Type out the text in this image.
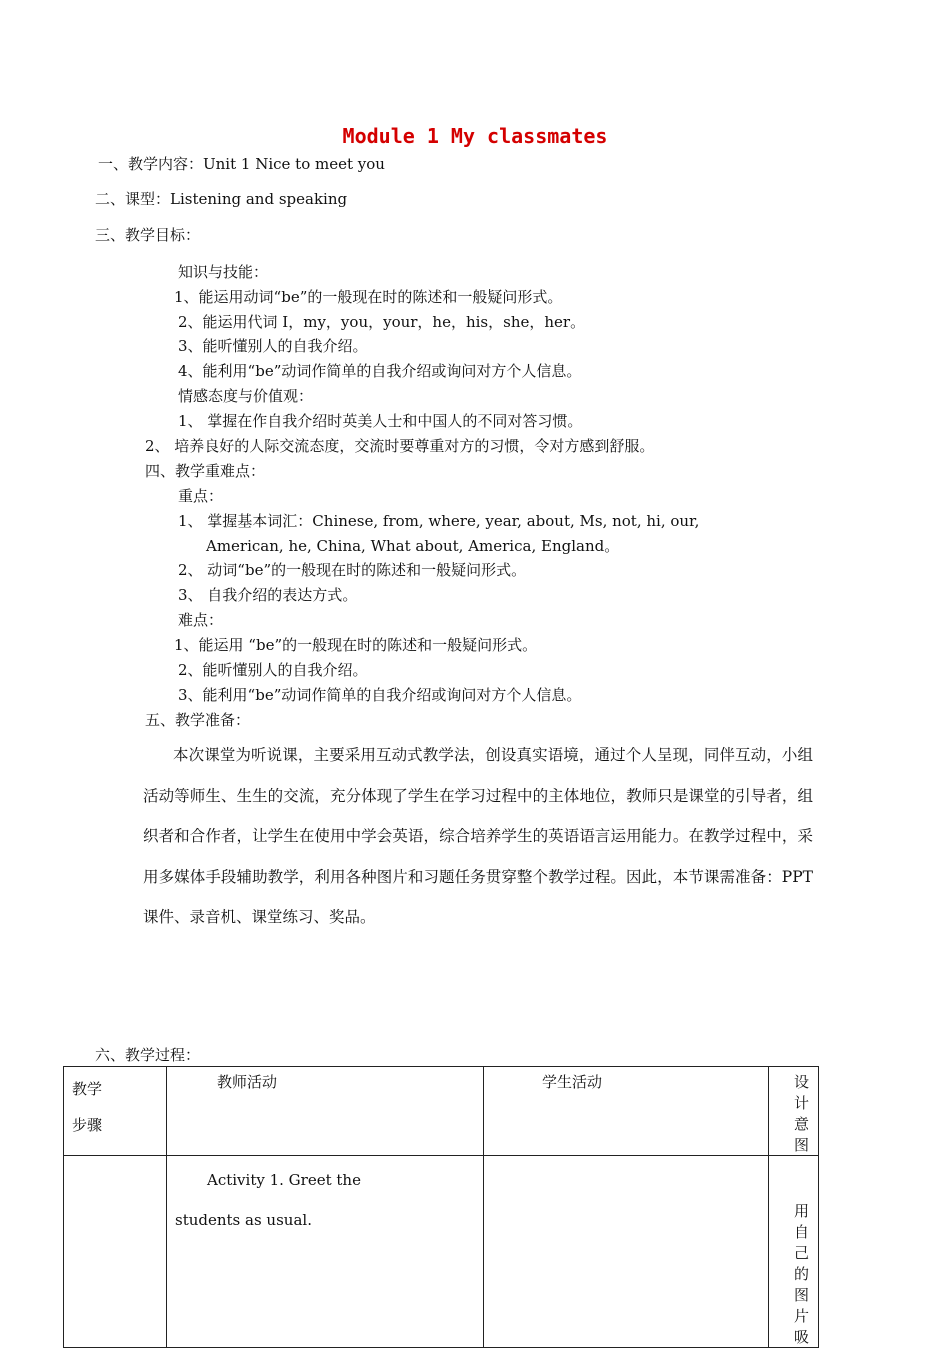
Module 1 My classmates
一、教学内容：Unit 1 Nice to meet you
二、课型：Listening and speaking
三、教学目标：
知识与技能：
1、能运用动词“be”的一般现在时的陈述和一般疑问形式。
2、能运用代词 I，my，you，your，he，his，she，her。
3、能听懂别人的自我介绍。
4、能利用“be”动词作简单的自我介绍或询问对方个人信息。
情感态度与价值观：
1、 掌握在作自我介绍时英美人士和中国人的不同对答习惯。
2、 培养良好的人际交流态度，交流时要尊重对方的习惯，令对方感到舒服。
四、教学重难点：
重点：
1、 掌握基本词汇：Chinese, from, where, year, about, Ms, not, hi, our,
American, he, China, What about, America, England。
2、 动词“be”的一般现在时的陈述和一般疑问形式。
3、 自我介绍的表达方式。
难点：
1、能运用 “be”的一般现在时的陈述和一般疑问形式。
2、能听懂别人的自我介绍。
3、能利用“be”动词作简单的自我介绍或询问对方个人信息。
五、教学准备：
本次课堂为听说课，主要采用互动式教学法，创设真实语境，通过个人呈现，同伴互动，小组活动等师生、生生的交流，充分体现了学生在学习过程中的主体地位，教师只是课堂的引导者，组织者和合作者，让学生在使用中学会英语，综合培养学生的英语语言运用能力。在教学过程中，采用多媒体手段辅助教学，利用各种图片和习题任务贯穿整个教学过程。因此，本节课需准备：PPT 课件、录音机、课堂练习、奖品。
六、教学过程：
教学
步骤	教师活动	学生活动	设计意图

	Activity 1. Greet the
students as usual.		用自己的图片吸
